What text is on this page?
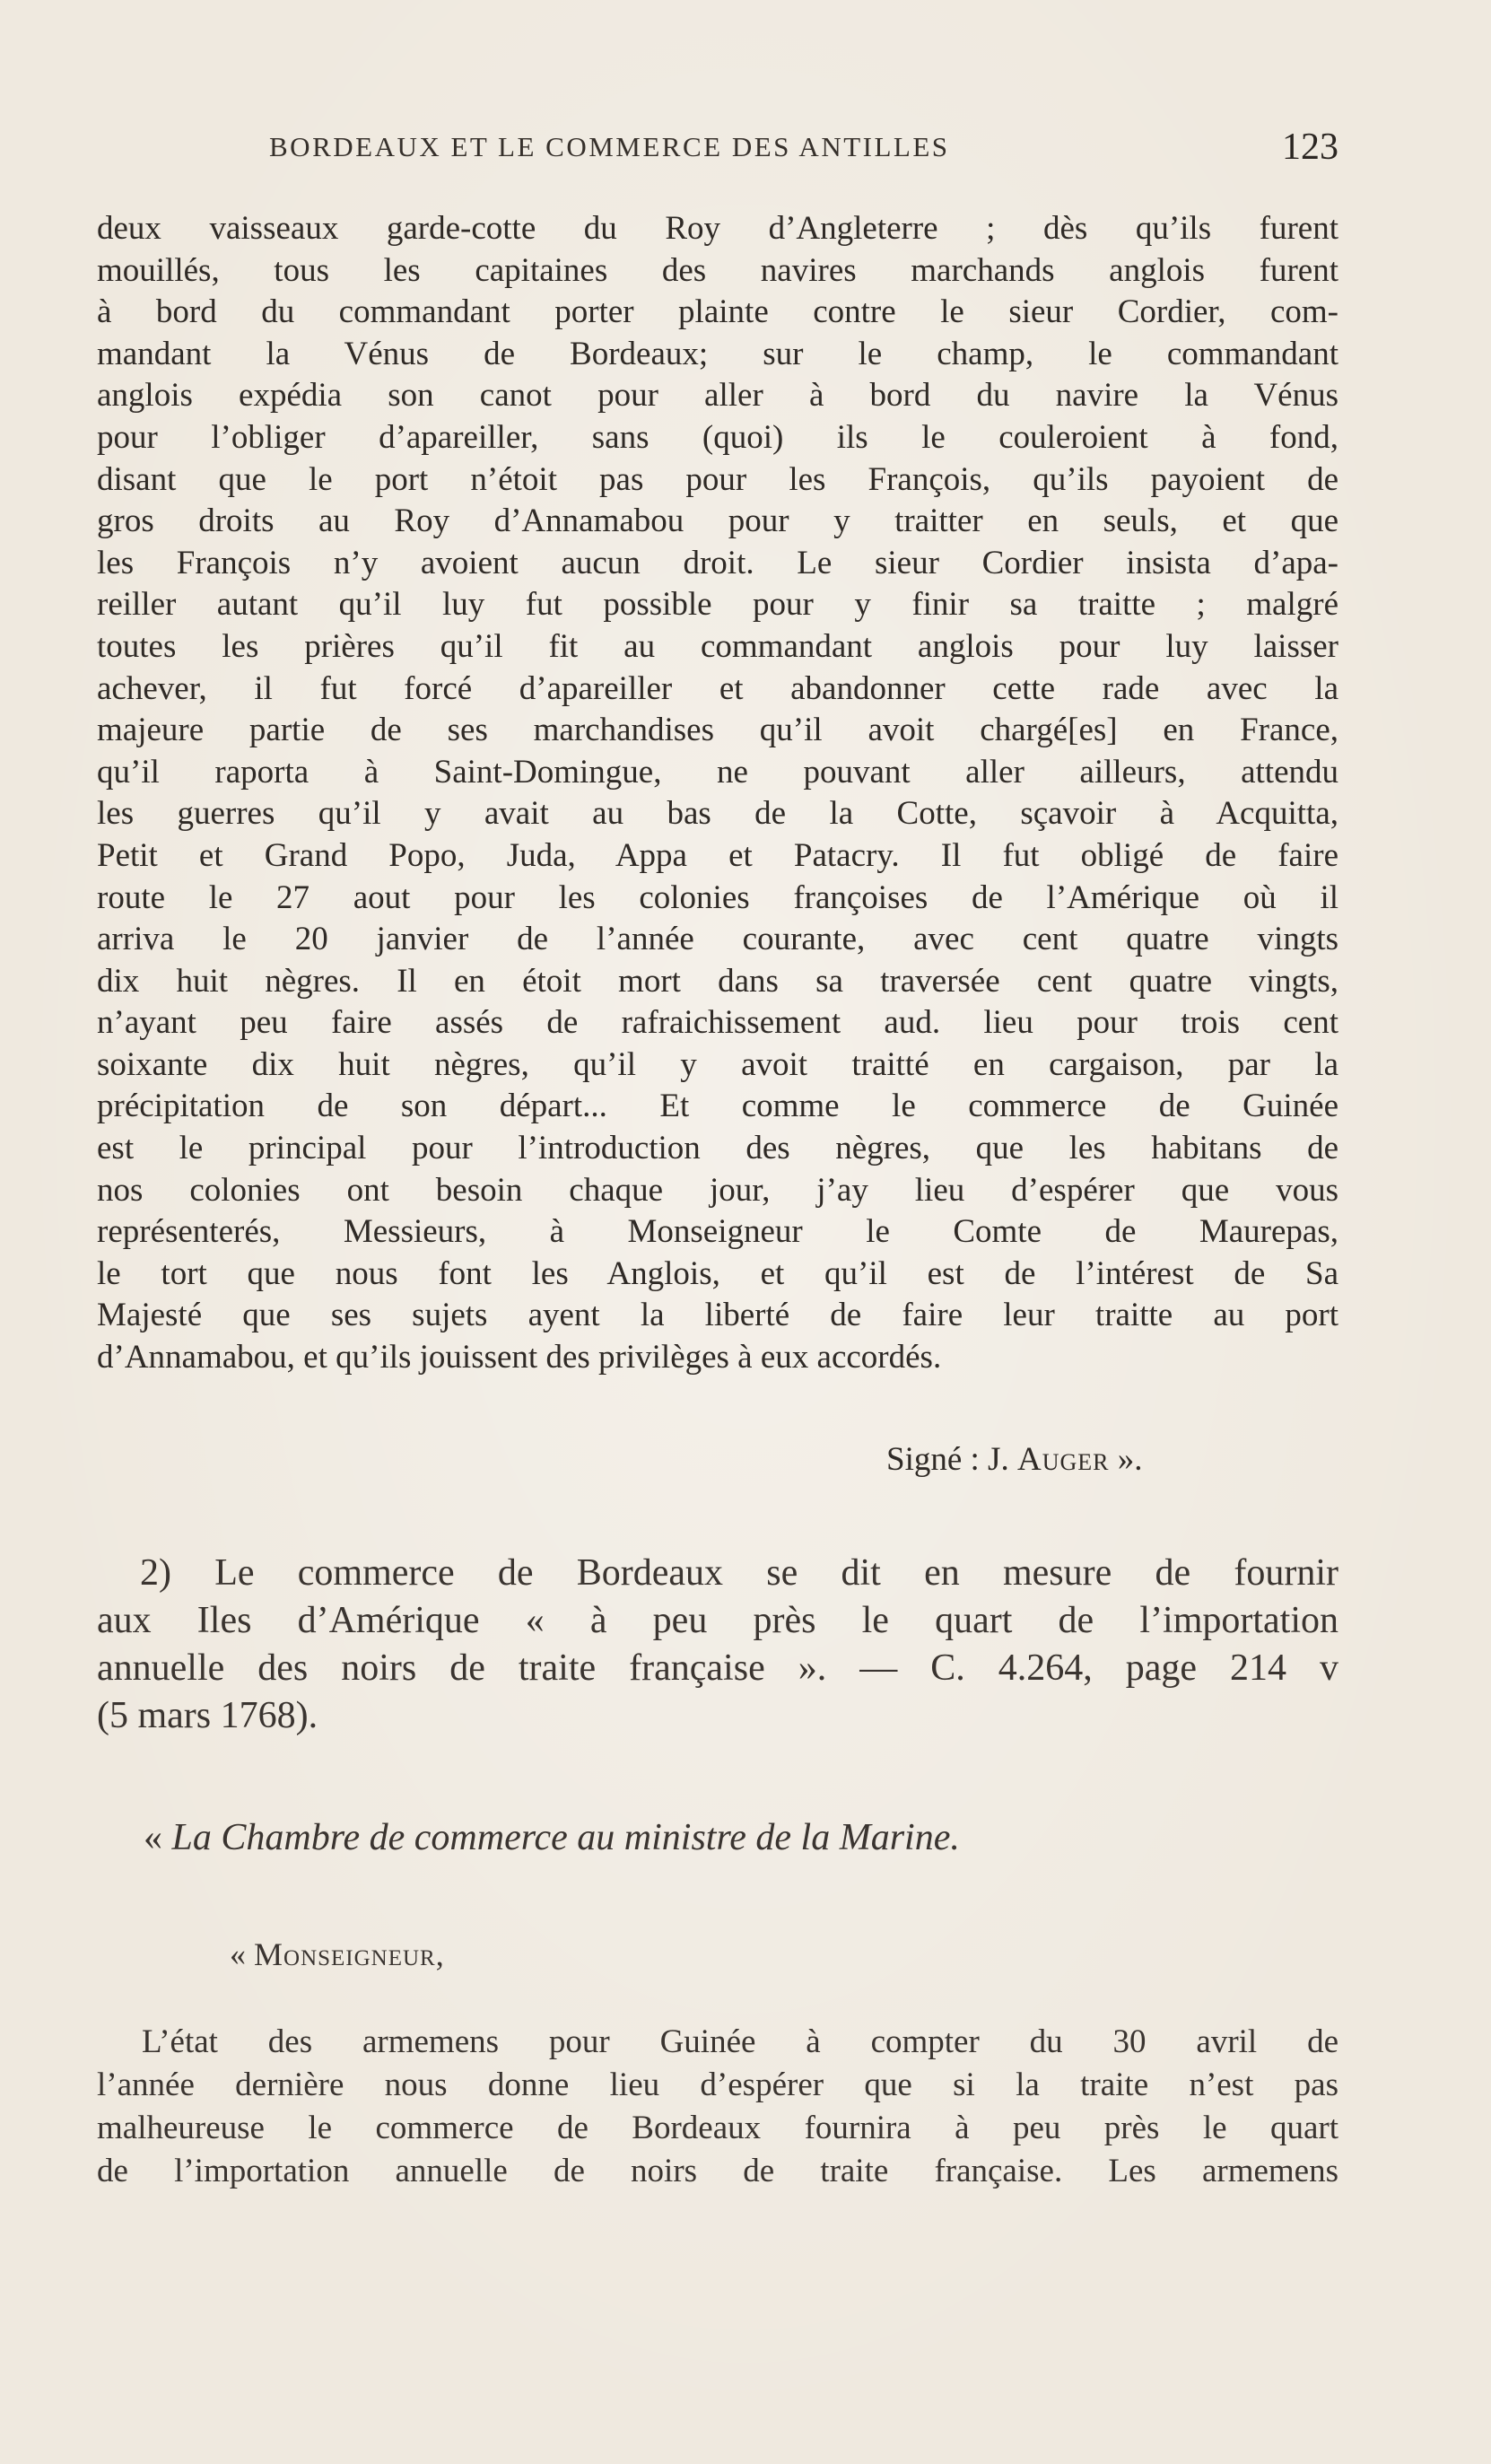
BORDEAUX ET LE COMMERCE DES ANTILLES	123
deux vaisseaux garde-cotte du Roy d’Angleterre ; dès qu’ils furent
mouillés, tous les capitaines des navires marchands anglois furent
à bord du commandant porter plainte contre le sieur Cordier, com-
mandant la Vénus de Bordeaux; sur le champ, le commandant
anglois expédia son canot pour aller à bord du navire la Vénus
pour l’obliger d’apareiller, sans (quoi) ils le couleroient à fond,
disant que le port n’étoit pas pour les François, qu’ils payoient de
gros droits au Roy d’Annamabou pour y traitter en seuls, et que
les François n’y avoient aucun droit. Le sieur Cordier insista d’apa-
reiller autant qu’il luy fut possible pour y finir sa traitte ; malgré
toutes les prières qu’il fit au commandant anglois pour luy laisser
achever, il fut forcé d’apareiller et abandonner cette rade avec la
majeure partie de ses marchandises qu’il avoit chargé[es] en France,
qu’il raporta à Saint-Domingue, ne pouvant aller ailleurs, attendu
les guerres qu’il y avait au bas de la Cotte, sçavoir à Acquitta,
Petit et Grand Popo, Juda, Appa et Patacry. Il fut obligé de faire
route le 27 aout pour les colonies françoises de l’Amérique où il
arriva le 20 janvier de l’année courante, avec cent quatre vingts
dix huit nègres. Il en étoit mort dans sa traversée cent quatre vingts,
n’ayant peu faire assés de rafraichissement aud. lieu pour trois cent
soixante dix huit nègres, qu’il y avoit traitté en cargaison, par la
précipitation de son départ... Et comme le commerce de Guinée
est le principal pour l’introduction des nègres, que les habitans de
nos colonies ont besoin chaque jour, j’ay lieu d’espérer que vous
représenterés, Messieurs, à Monseigneur le Comte de Maurepas,
le tort que nous font les Anglois, et qu’il est de l’intérest de Sa
Majesté que ses sujets ayent la liberté de faire leur traitte au port
d’Annamabou, et qu’ils jouissent des privilèges à eux accordés.
Signé : J. Auger ».
2) Le commerce de Bordeaux se dit en mesure de fournir
aux Iles d’Amérique « à peu près le quart de l’importation
annuelle des noirs de traite française ». — C. 4.264, page 214 v
(5 mars 1768).
« La Chambre de commerce au ministre de la Marine.
« Monseigneur,
L’état des armemens pour Guinée à compter du 30 avril de
l’année dernière nous donne lieu d’espérer que si la traite n’est pas
malheureuse le commerce de Bordeaux fournira à peu près le quart
de l’importation annuelle de noirs de traite française. Les armemens
